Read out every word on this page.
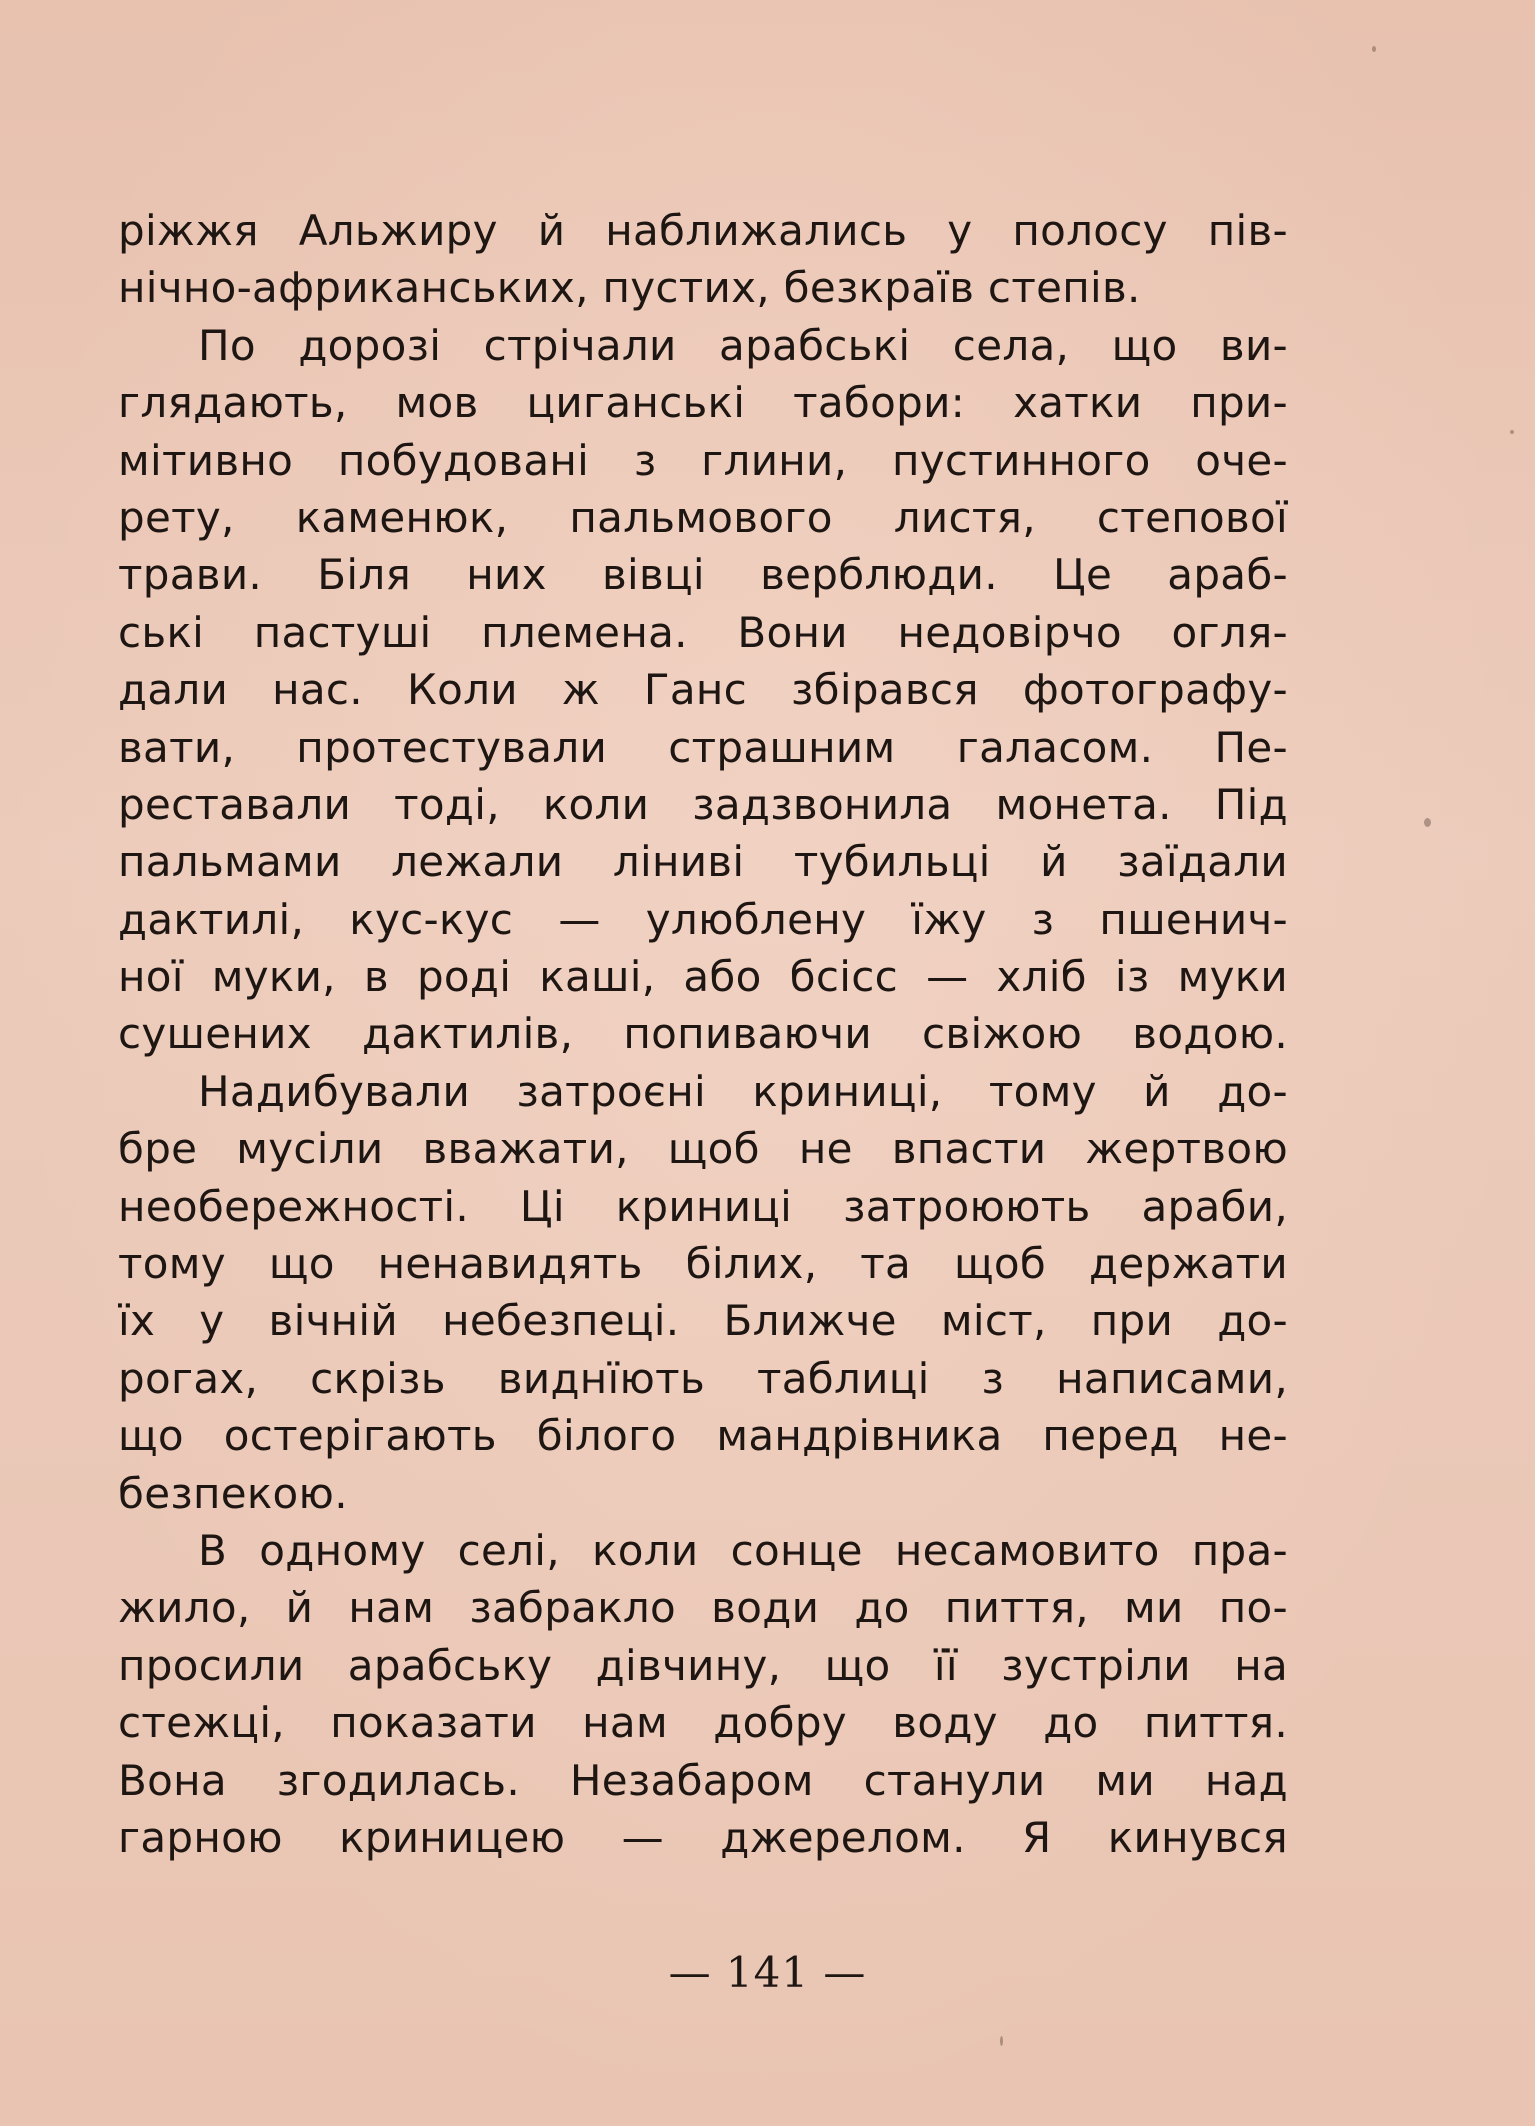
ріжжя Альжиру й наближались у полосу пів-
нічно-африканських, пустих, безкраїв степів.
По дорозі стрічали арабські села, що ви-
глядають, мов циганські табори: хатки при-
мітивно побудовані з глини, пустинного оче-
рету, каменюк, пальмового листя, степової
трави. Біля них вівці верблюди. Це араб-
ські пастуші племена. Вони недовірчо огля-
дали нас. Коли ж Ганс збірався фотографу-
вати, протестували страшним галасом. Пе-
реставали тоді, коли задзвонила монета. Під
пальмами лежали ліниві тубильці й заїдали
дактилі, кус-кус — улюблену їжу з пшенич-
ної муки, в роді каші, або бсісс — хліб із муки
сушених дактилів, попиваючи свіжою водою.
Надибували затроєні криниці, тому й до-
бре мусіли вважати, щоб не впасти жертвою
необережності. Ці криниці затроюють араби,
тому що ненавидять білих, та щоб держати
їх у вічній небезпеці. Ближче міст, при до-
рогах, скрізь виднїють таблиці з написами,
що остерігають білого мандрівника перед не-
безпекою.
В одному селі, коли сонце несамовито пра-
жило, й нам забракло води до пиття, ми по-
просили арабську дівчину, що її зустріли на
стежці, показати нам добру воду до пиття.
Вона згодилась. Незабаром станули ми над
гарною криницею — джерелом. Я кинувся
— 141 —
